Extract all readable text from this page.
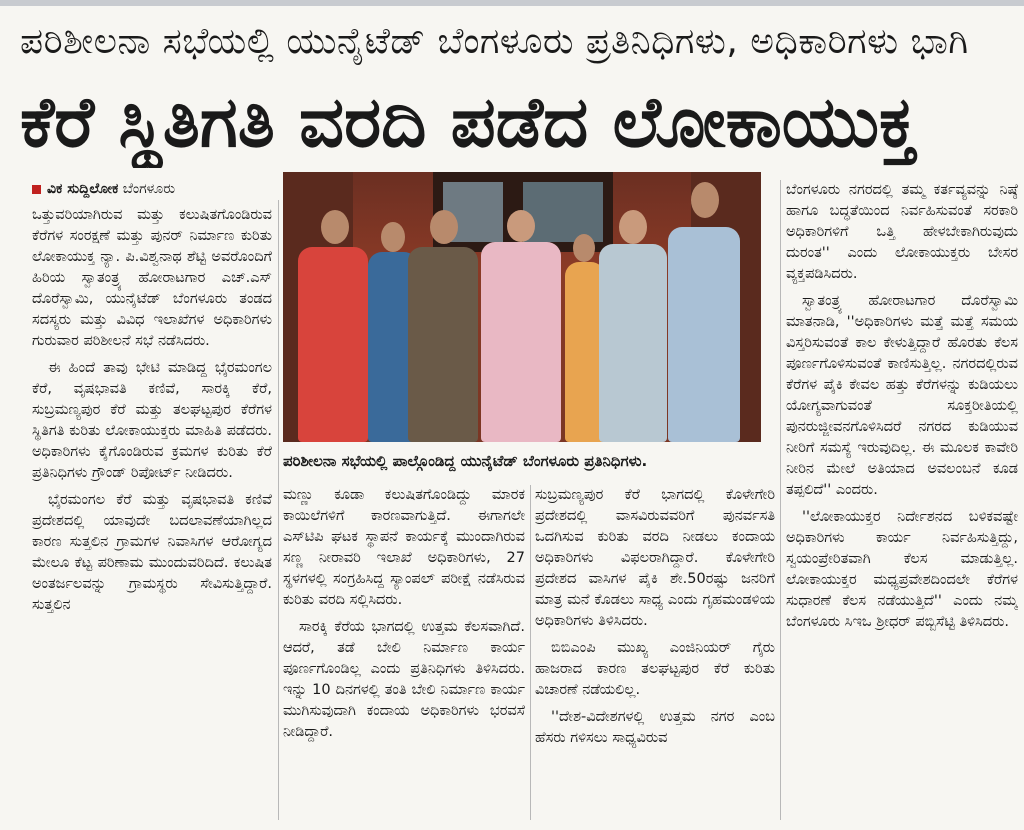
ಪರಿಶೀಲನಾ ಸಭೆಯಲ್ಲಿ ಯುನೈಟೆಡ್ ಬೆಂಗಳೂರು ಪ್ರತಿನಿಧಿಗಳು, ಅಧಿಕಾರಿಗಳು ಭಾಗಿ
ಕೆರೆ ಸ್ಥಿತಿಗತಿ ವರದಿ ಪಡೆದ ಲೋಕಾಯುಕ್ತ
ವಿಕ ಸುದ್ದಿಲೋಕ ಬೆಂಗಳೂರು

ಒತ್ತುವರಿಯಾಗಿರುವ ಮತ್ತು ಕಲುಷಿತಗೊಂಡಿರುವ ಕೆರೆಗಳ ಸಂರಕ್ಷಣೆ ಮತ್ತು ಪುನರ್ ನಿರ್ಮಾಣ ಕುರಿತು ಲೋಕಾಯುಕ್ತ ನ್ಯಾ. ಪಿ.ವಿಶ್ವನಾಥ ಶೆಟ್ಟಿ ಅವರೊಂದಿಗೆ ಹಿರಿಯ ಸ್ವಾತಂತ್ರ್ಯ ಹೋರಾಟಗಾರ ಎಚ್.ಎಸ್ ದೊರೆಸ್ವಾಮಿ, ಯುನೈಟೆಡ್ ಬೆಂಗಳೂರು ತಂಡದ ಸದಸ್ಯರು ಮತ್ತು ವಿವಿಧ ಇಲಾಖೆಗಳ ಅಧಿಕಾರಿಗಳು ಗುರುವಾರ ಪರಿಶೀಲನೆ ಸಭೆ ನಡೆಸಿದರು.

ಈ ಹಿಂದೆ ತಾವು ಭೇಟಿ ಮಾಡಿದ್ದ ಭೈರಮಂಗಲ ಕೆರೆ, ವೃಷಭಾವತಿ ಕಣಿವೆ, ಸಾರಕ್ಕಿ ಕೆರೆ, ಸುಬ್ರಮಣ್ಯಪುರ ಕೆರೆ ಮತ್ತು ತಲಘಟ್ಟಪುರ ಕೆರೆಗಳ ಸ್ಥಿತಿಗತಿ ಕುರಿತು ಲೋಕಾಯುಕ್ತರು ಮಾಹಿತಿ ಪಡೆದರು. ಅಧಿಕಾರಿಗಳು ಕೈಗೊಂಡಿರುವ ಕ್ರಮಗಳ ಕುರಿತು ಕೆರೆ ಪ್ರತಿನಿಧಿಗಳು ಗ್ರೌಂಡ್ ರಿಪೋರ್ಟ್ ನೀಡಿದರು.

ಭೈರಮಂಗಲ ಕೆರೆ ಮತ್ತು ವೃಷಭಾವತಿ ಕಣಿವೆ ಪ್ರದೇಶದಲ್ಲಿ ಯಾವುದೇ ಬದಲಾವಣೆಯಾಗಿಲ್ಲದ ಕಾರಣ ಸುತ್ತಲಿನ ಗ್ರಾಮಗಳ ನಿವಾಸಿಗಳ ಆರೋಗ್ಯದ ಮೇಲೂ ಕೆಟ್ಟ ಪರಿಣಾಮ ಮುಂದುವರಿದಿದೆ. ಕಲುಷಿತ ಅಂತರ್ಜಲವನ್ನು ಗ್ರಾಮಸ್ಥರು ಸೇವಿಸುತ್ತಿದ್ದಾರೆ. ಸುತ್ತಲಿನ

ಪರಿಶೀಲನಾ ಸಭೆಯಲ್ಲಿ ಪಾಲ್ಗೊಂಡಿದ್ದ ಯುನೈಟೆಡ್ ಬೆಂಗಳೂರು ಪ್ರತಿನಿಧಿಗಳು.

ಮಣ್ಣು ಕೂಡಾ ಕಲುಷಿತಗೊಂಡಿದ್ದು ಮಾರಕ ಕಾಯಿಲೆಗಳಿಗೆ ಕಾರಣವಾಗುತ್ತಿದೆ. ಈಗಾಗಲೇ ಎಸ್‌ಟಿಪಿ ಘಟಕ ಸ್ಥಾಪನೆ ಕಾರ್ಯಕ್ಕೆ ಮುಂದಾಗಿರುವ ಸಣ್ಣ ನೀರಾವರಿ ಇಲಾಖೆ ಅಧಿಕಾರಿಗಳು, 27 ಸ್ಥಳಗಳಲ್ಲಿ ಸಂಗ್ರಹಿಸಿದ್ದ ಸ್ಯಾಂಪಲ್ ಪರೀಕ್ಷೆ ನಡೆಸಿರುವ ಕುರಿತು ವರದಿ ಸಲ್ಲಿಸಿದರು.

ಸಾರಕ್ಕಿ ಕೆರೆಯ ಭಾಗದಲ್ಲಿ ಉತ್ತಮ ಕೆಲಸವಾಗಿದೆ. ಆದರೆ, ತಡೆ ಬೇಲಿ ನಿರ್ಮಾಣ ಕಾರ್ಯ ಪೂರ್ಣಗೊಂಡಿಲ್ಲ ಎಂದು ಪ್ರತಿನಿಧಿಗಳು ತಿಳಿಸಿದರು. ಇನ್ನು 10 ದಿನಗಳಲ್ಲಿ ತಂತಿ ಬೇಲಿ ನಿರ್ಮಾಣ ಕಾರ್ಯ ಮುಗಿಸುವುದಾಗಿ ಕಂದಾಯ ಅಧಿಕಾರಿಗಳು ಭರವಸೆ ನೀಡಿದ್ದಾರೆ.

ಸುಬ್ರಮಣ್ಯಪುರ ಕೆರೆ ಭಾಗದಲ್ಲಿ ಕೊಳೇಗೇರಿ ಪ್ರದೇಶದಲ್ಲಿ ವಾಸವಿರುವವರಿಗೆ ಪುನರ್ವಸತಿ ಒದಗಿಸುವ ಕುರಿತು ವರದಿ ನೀಡಲು ಕಂದಾಯ ಅಧಿಕಾರಿಗಳು ವಿಫಲರಾಗಿದ್ದಾರೆ. ಕೊಳೇಗೇರಿ ಪ್ರದೇಶದ ವಾಸಿಗಳ ಪೈಕಿ ಶೇ.50ರಷ್ಟು ಜನರಿಗೆ ಮಾತ್ರ ಮನೆ ಕೊಡಲು ಸಾಧ್ಯ ಎಂದು ಗೃಹಮಂಡಳಿಯ ಅಧಿಕಾರಿಗಳು ತಿಳಿಸಿದರು.

ಬಿಬಿಎಂಪಿ ಮುಖ್ಯ ಎಂಜಿನಿಯರ್ ಗೈರು ಹಾಜರಾದ ಕಾರಣ ತಲಘಟ್ಟಪುರ ಕೆರೆ ಕುರಿತು ವಿಚಾರಣೆ ನಡೆಯಲಿಲ್ಲ.

''ದೇಶ-ವಿದೇಶಗಳಲ್ಲಿ ಉತ್ತಮ ನಗರ ಎಂಬ ಹೆಸರು ಗಳಿಸಲು ಸಾಧ್ಯವಿರುವ

ಬೆಂಗಳೂರು ನಗರದಲ್ಲಿ ತಮ್ಮ ಕರ್ತವ್ಯವನ್ನು ನಿಷ್ಠೆ ಹಾಗೂ ಬದ್ಧತೆಯಿಂದ ನಿರ್ವಹಿಸುವಂತೆ ಸರಕಾರಿ ಅಧಿಕಾರಿಗಳಿಗೆ ಒತ್ತಿ ಹೇಳಬೇಕಾಗಿರುವುದು ದುರಂತ'' ಎಂದು ಲೋಕಾಯುಕ್ತರು ಬೇಸರ ವ್ಯಕ್ತಪಡಿಸಿದರು.

ಸ್ವಾತಂತ್ರ್ಯ ಹೋರಾಟಗಾರ ದೊರೆಸ್ವಾಮಿ ಮಾತನಾಡಿ, ''ಅಧಿಕಾರಿಗಳು ಮತ್ತೆ ಮತ್ತೆ ಸಮಯ ವಿಸ್ತರಿಸುವಂತೆ ಕಾಲ ಕೇಳುತ್ತಿದ್ದಾರೆ ಹೊರತು ಕೆಲಸ ಪೂರ್ಣಗೊಳಿಸುವಂತೆ ಕಾಣಿಸುತ್ತಿಲ್ಲ. ನಗರದಲ್ಲಿರುವ ಕೆರೆಗಳ ಪೈಕಿ ಕೇವಲ ಹತ್ತು ಕೆರೆಗಳನ್ನು ಕುಡಿಯಲು ಯೋಗ್ಯವಾಗುವಂತೆ ಸೂಕ್ತರೀತಿಯಲ್ಲಿ ಪುನರುಜ್ಜೀವನಗೊಳಿಸಿದರೆ ನಗರದ ಕುಡಿಯುವ ನೀರಿಗೆ ಸಮಸ್ಯೆ ಇರುವುದಿಲ್ಲ. ಈ ಮೂಲಕ ಕಾವೇರಿ ನೀರಿನ ಮೇಲೆ ಅತಿಯಾದ ಅವಲಂಬನೆ ಕೂಡ ತಪ್ಪಲಿದೆ'' ಎಂದರು.

''ಲೋಕಾಯುಕ್ತರ ನಿರ್ದೇಶನದ ಬಳಿಕವಷ್ಟೇ ಅಧಿಕಾರಿಗಳು ಕಾರ್ಯ ನಿರ್ವಹಿಸುತ್ತಿದ್ದು, ಸ್ವಯಂಪ್ರೇರಿತವಾಗಿ ಕೆಲಸ ಮಾಡುತ್ತಿಲ್ಲ. ಲೋಕಾಯುಕ್ತರ ಮಧ್ಯಪ್ರವೇಶದಿಂದಲೇ ಕೆರೆಗಳ ಸುಧಾರಣೆ ಕೆಲಸ ನಡೆಯುತ್ತಿದೆ'' ಎಂದು ನಮ್ಮ ಬೆಂಗಳೂರು ಸಿಇಒ ಶ್ರೀಧರ್ ಪಬ್ಬಿಸೆಟ್ಟಿ ತಿಳಿಸಿದರು.
